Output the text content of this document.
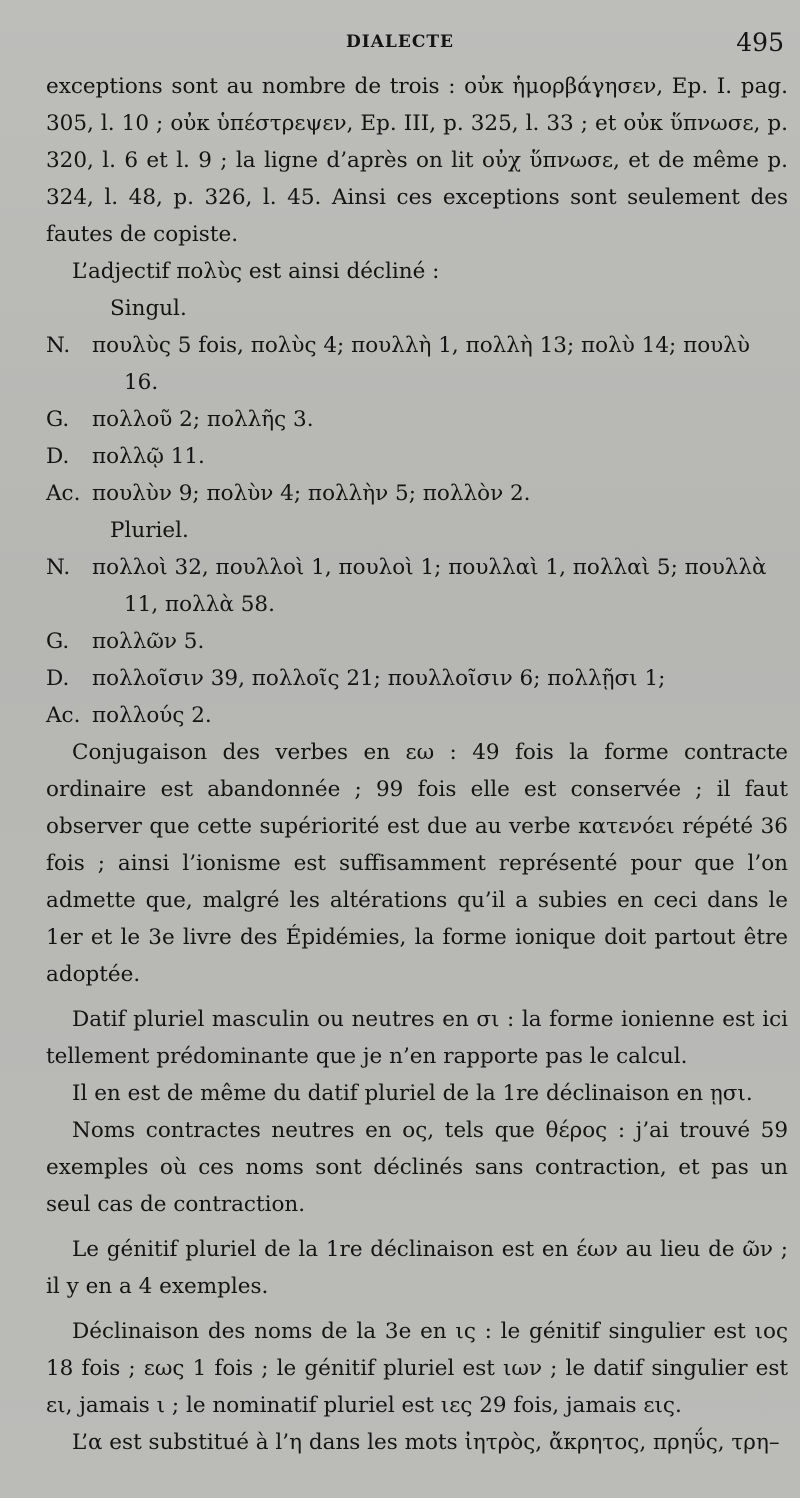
DIALECTE	495

exceptions sont au nombre de trois : οὐκ ἡμορβάγησεν, Ep. I. pag. 305, l. 10 ; οὐκ ὑπέστρεψεν, Ep. III, p. 325, l. 33 ; et οὐκ ὕπνωσε, p. 320, l. 6 et l. 9 ; la ligne d’après on lit οὐχ ὕπνωσε, et de même p. 324, l. 48, p. 326, l. 45. Ainsi ces exceptions sont seulement des fautes de copiste.

L’adjectif πολὺς est ainsi décliné :

Singul.
N.	πουλὺς 5 fois, πολὺς 4; πουλλὴ 1, πολλὴ 13; πολὺ 14; πουλὺ
16.
G.	πολλοῦ 2; πολλῆς 3.
D.	πολλῷ 11.
Ac. πουλὺν 9; πολὺν 4; πολλὴν 5; πολλὸν 2.
Pluriel.
N.	πολλοὶ 32, πουλλοὶ 1, πουλοὶ 1; πουλλαὶ 1, πολλαὶ 5; πουλλὰ
11, πολλὰ 58.
G.	πολλῶν 5.
D.	πολλοῖσιν 39, πολλοῖς 21; πουλλοῖσιν 6; πολλῇσι 1;
Ac. πολλούς 2.

Conjugaison des verbes en εω : 49 fois la forme contracte ordinaire est abandonnée ; 99 fois elle est conservée ; il faut observer que cette supériorité est due au verbe κατενόει répété 36 fois ; ainsi l’ionisme est suffisamment représenté pour que l’on admette que, malgré les altérations qu’il a subies en ceci dans le 1er et le 3e livre des Épidémies, la forme ionique doit partout être adoptée.

Datif pluriel masculin ou neutres en σι : la forme ionienne est ici tellement prédominante que je n’en rapporte pas le calcul.

Il en est de même du datif pluriel de la 1re déclinaison en ῃσι.

Noms contractes neutres en ος, tels que θέρος : j’ai trouvé 59 exemples où ces noms sont déclinés sans contraction, et pas un seul cas de contraction.

Le génitif pluriel de la 1re déclinaison est en έων au lieu de ῶν ; il y en a 4 exemples.

Déclinaison des noms de la 3e en ις : le génitif singulier est ιος 18 fois ; εως 1 fois ; le génitif pluriel est ιων ; le datif singulier est ει, jamais ι ; le nominatif pluriel est ιες 29 fois, jamais εις.

L’α est substitué à l’η dans les mots ἰητρὸς, ἄκρητος, πρηΰς, τρη–
